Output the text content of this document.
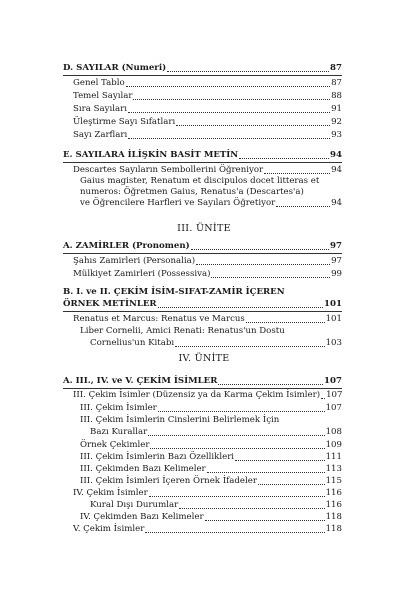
D. SAYILAR (Numeri)	87
Genel Tablo	87
Temel Sayılar	88
Sıra Sayıları	91
Üleştirme Sayı Sıfatları	92
Sayı Zarfları	93
E. SAYILARA İLİŞKİN BASİT METİN	94
Descartes Sayıların Sembollerini Öğreniyor	94
Gaius magister, Renatum et discipulos docet litteras et
numeros: Öğretmen Gaius, Renatus'a (Descartes'a)
ve Öğrencilere Harfleri ve Sayıları Öğretiyor	94
III. ÜNİTE
A. ZAMİRLER (Pronomen)	97
Şahıs Zamirleri (Personalia)	97
Mülkiyet Zamirleri (Possessiva)	99
B. I. ve II. ÇEKİM İSİM-SIFAT-ZAMİR İÇEREN
ÖRNEK METİNLER	101
Renatus et Marcus: Renatus ve Marcus	101
Liber Cornelii, Amici Renati: Renatus'un Dostu
Cornelius'un Kitabı	103
IV. ÜNİTE
A. III., IV. ve V. ÇEKİM İSİMLER	107
III. Çekim İsimler (Düzensiz ya da Karma Çekim İsimler) 107
III. Çekim İsimler	107
III. Çekim İsimlerin Cinslerini Belirlemek İçin
Bazı Kurallar	108
Örnek Çekimler	109
III. Çekim İsimlerin Bazı Özellikleri	111
III. Çekimden Bazı Kelimeler	113
III. Çekim İsimleri İçeren Örnek İfadeler	115
IV. Çekim İsimler	116
Kural Dışı Durumlar	116
IV. Çekimden Bazı Kelimeler	118
V. Çekim İsimler	118
